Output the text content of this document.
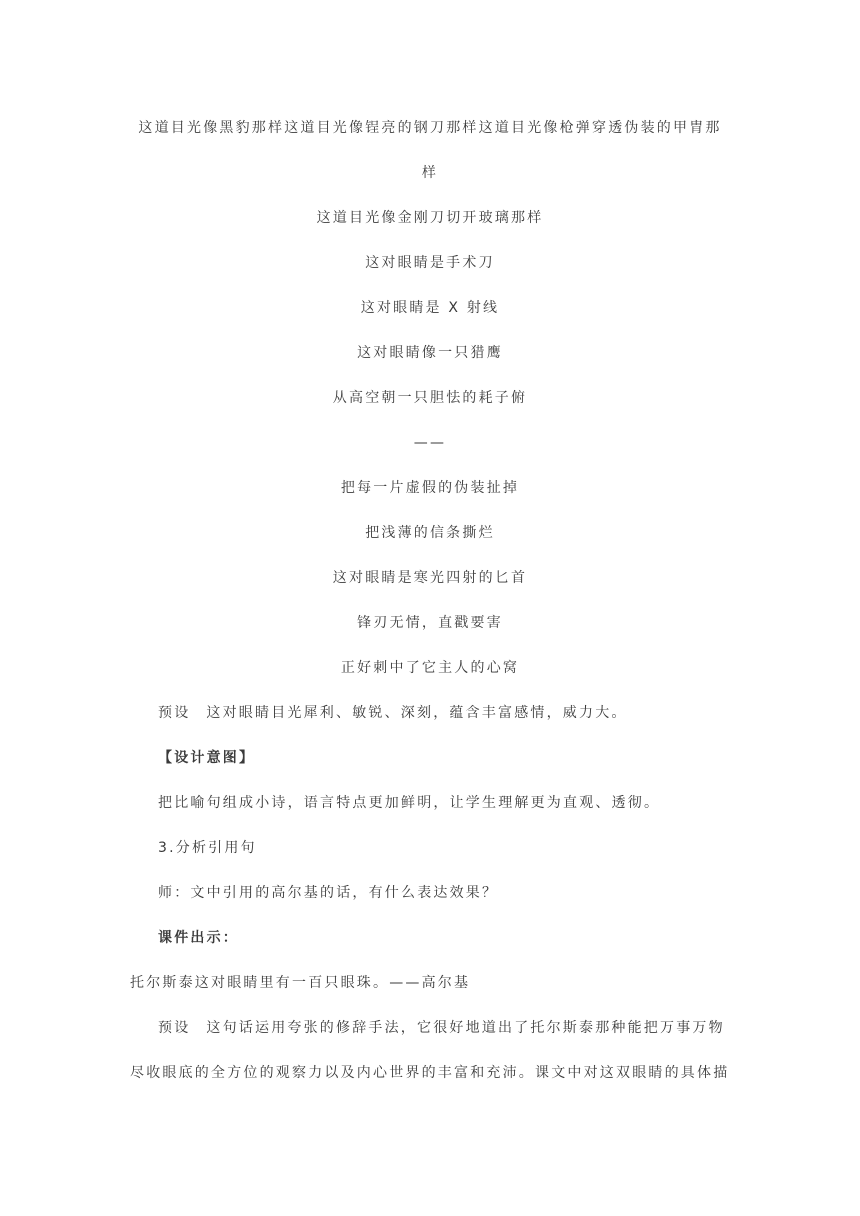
这道目光像黑豹那样这道目光像锃亮的钢刀那样这道目光像枪弹穿透伪装的甲胄那
样
这道目光像金刚刀切开玻璃那样
这对眼睛是手术刀
这对眼睛是 X 射线
这对眼睛像一只猎鹰
从高空朝一只胆怯的耗子俯
——
把每一片虚假的伪装扯掉
把浅薄的信条撕烂
这对眼睛是寒光四射的匕首
锋刃无情，直戳要害
正好刺中了它主人的心窝
预设 这对眼睛目光犀利、敏锐、深刻，蕴含丰富感情，威力大。
【设计意图】
把比喻句组成小诗，语言特点更加鲜明，让学生理解更为直观、透彻。
3.分析引用句
师：文中引用的高尔基的话，有什么表达效果？
课件出示：
托尔斯泰这对眼睛里有一百只眼珠。——高尔基
预设 这句话运用夸张的修辞手法，它很好地道出了托尔斯泰那种能把万事万物
尽收眼底的全方位的观察力以及内心世界的丰富和充沛。课文中对这双眼睛的具体描
